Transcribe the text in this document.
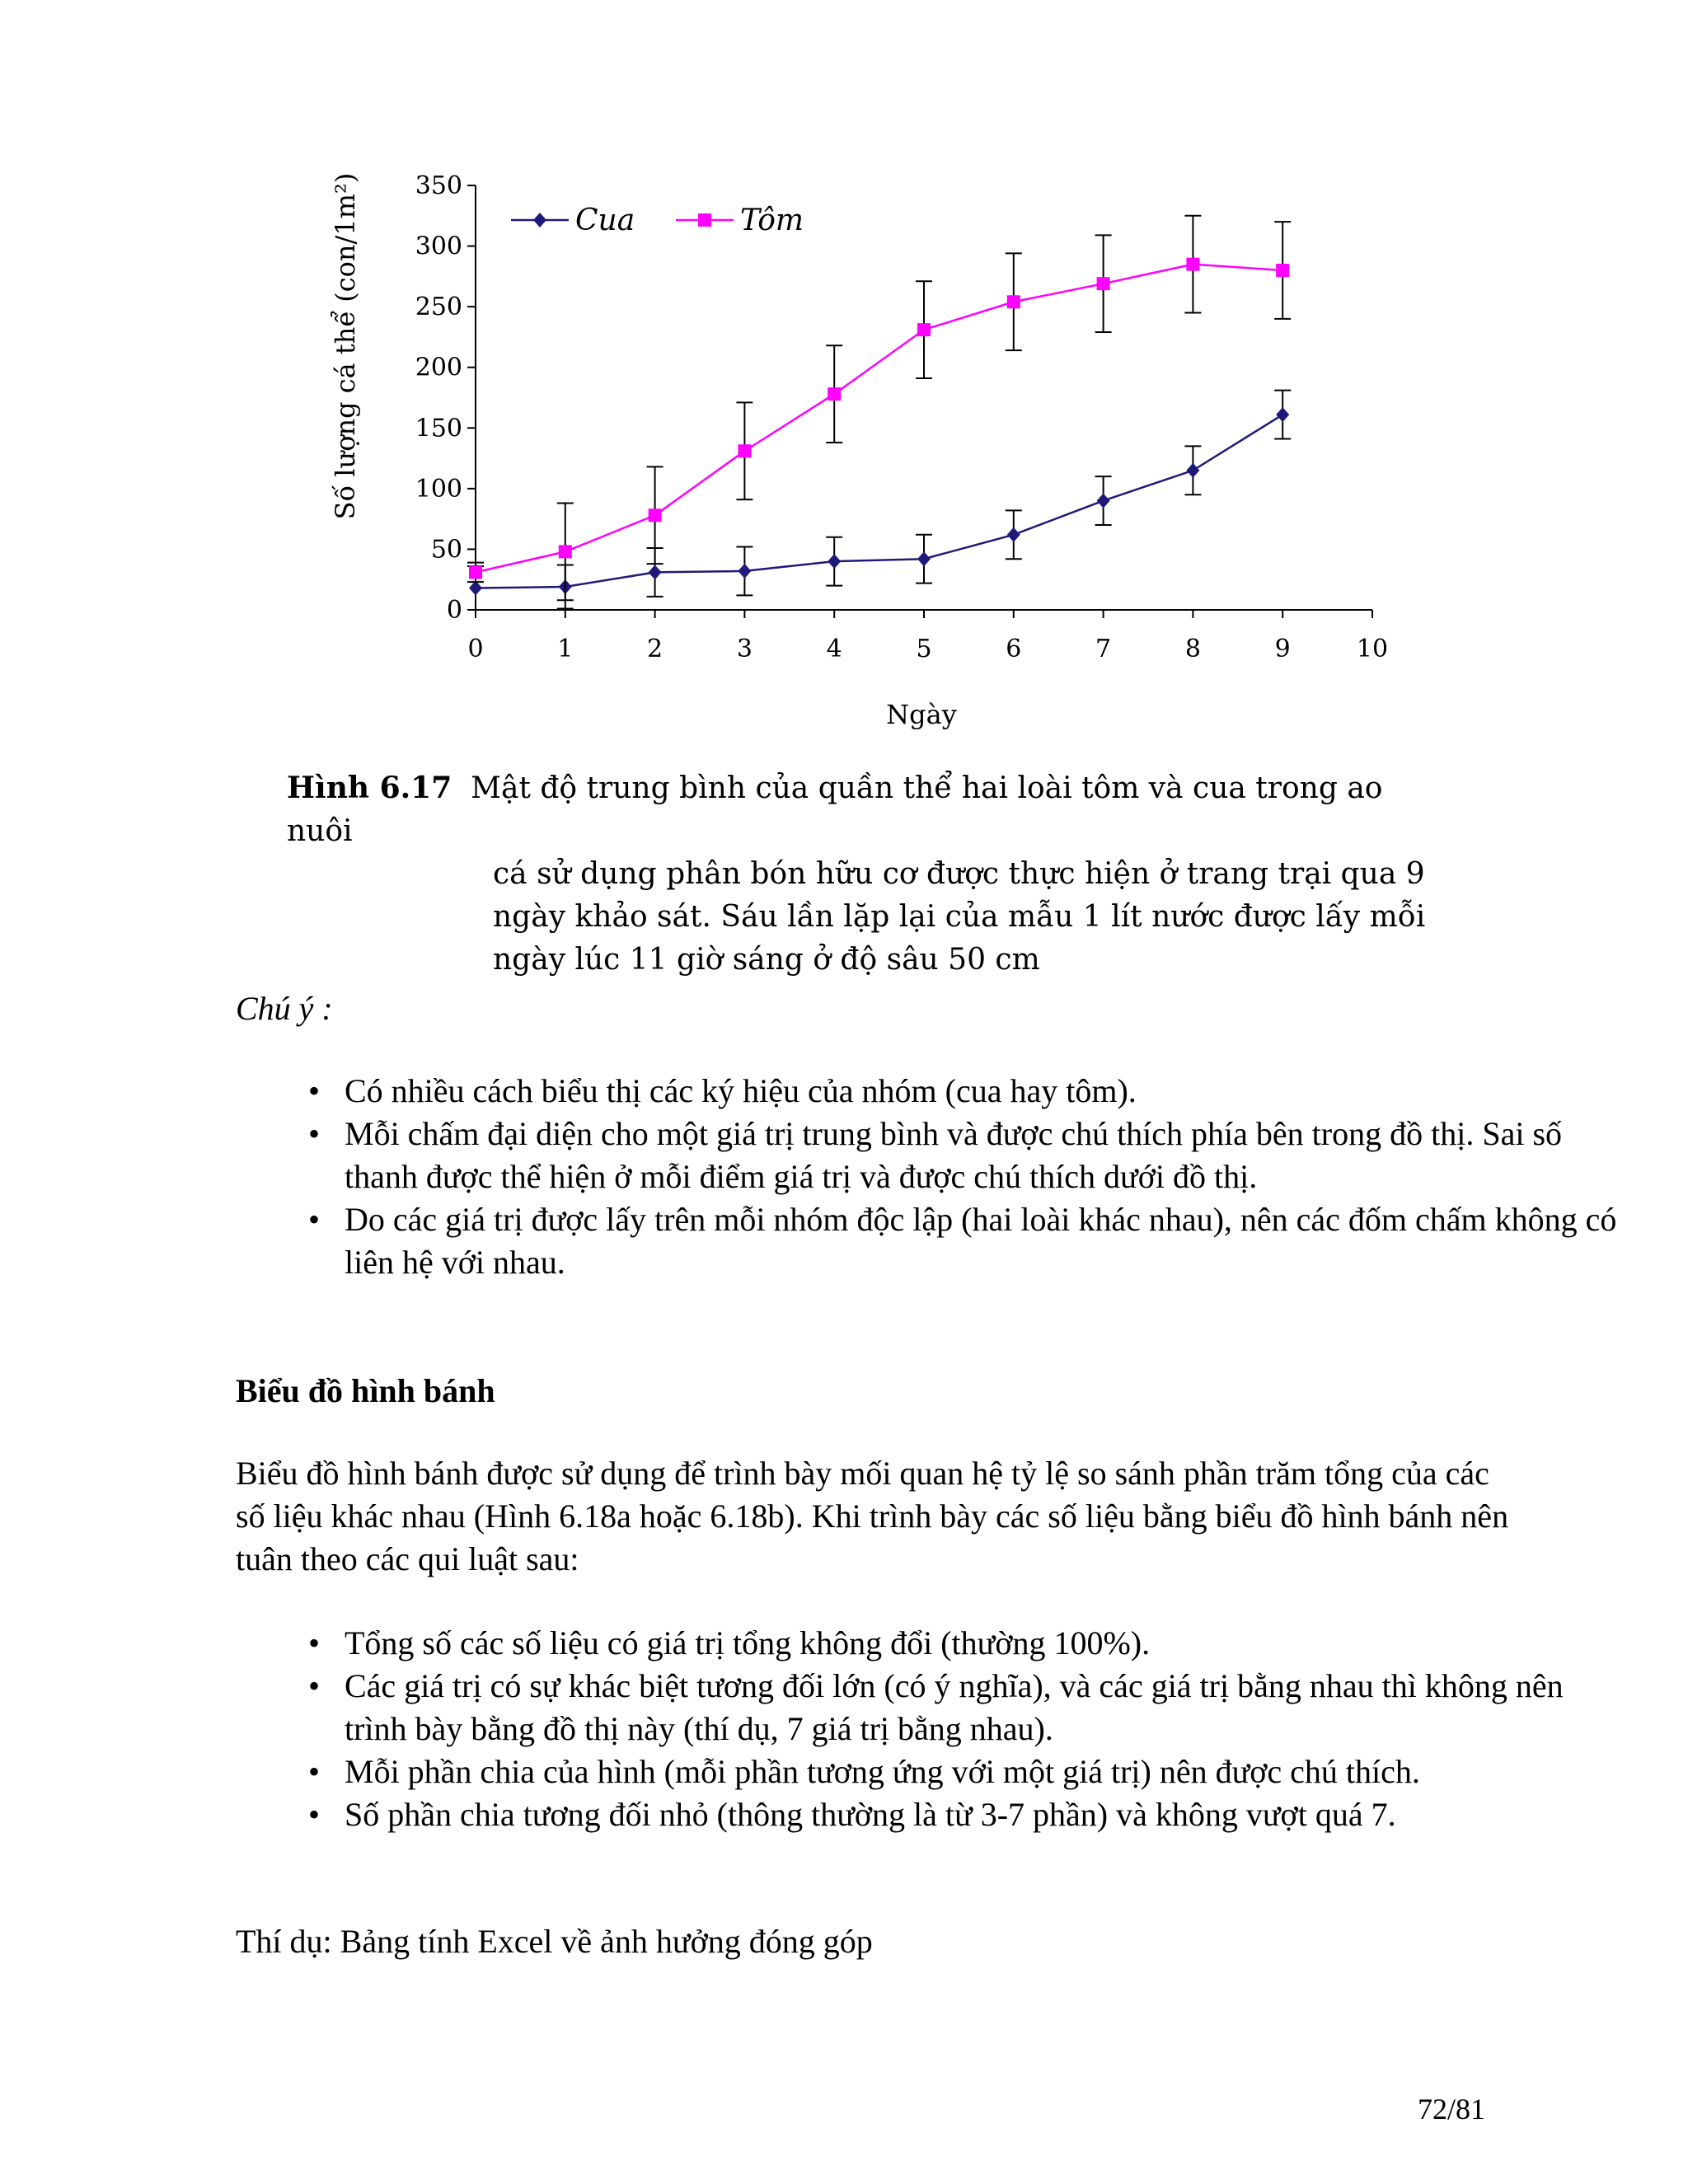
0
50
100
150
200
250
300
350
0	1	2	3	4	5	6	7	8	9	10
Cua	Tôm
Số lượng cá thể (con/1m²)
Ngày
Hình 6.17 Mật độ trung bình của quần thể hai loài tôm và cua trong ao nuôi
cá sử dụng phân bón hữu cơ được thực hiện ở trang trại qua 9
ngày khảo sát. Sáu lần lặp lại của mẫu 1 lít nước được lấy mỗi
ngày lúc 11 giờ sáng ở độ sâu 50 cm
Chú ý :
• Có nhiều cách biểu thị các ký hiệu của nhóm (cua hay tôm).
• Mỗi chấm đại diện cho một giá trị trung bình và được chú thích phía bên trong đồ thị. Sai số thanh được thể hiện ở mỗi điểm giá trị và được chú thích dưới đồ thị.
• Do các giá trị được lấy trên mỗi nhóm độc lập (hai loài khác nhau), nên các đốm chấm không có liên hệ với nhau.
Biểu đồ hình bánh
Biểu đồ hình bánh được sử dụng để trình bày mối quan hệ tỷ lệ so sánh phần trăm tổng của các số liệu khác nhau (Hình 6.18a hoặc 6.18b). Khi trình bày các số liệu bằng biểu đồ hình bánh nên tuân theo các qui luật sau:
• Tổng số các số liệu có giá trị tổng không đổi (thường 100%).
• Các giá trị có sự khác biệt tương đối lớn (có ý nghĩa), và các giá trị bằng nhau thì không nên trình bày bằng đồ thị này (thí dụ, 7 giá trị bằng nhau).
• Mỗi phần chia của hình (mỗi phần tương ứng với một giá trị) nên được chú thích.
• Số phần chia tương đối nhỏ (thông thường là từ 3-7 phần) và không vượt quá 7.
Thí dụ: Bảng tính Excel về ảnh hưởng đóng góp
72/81
